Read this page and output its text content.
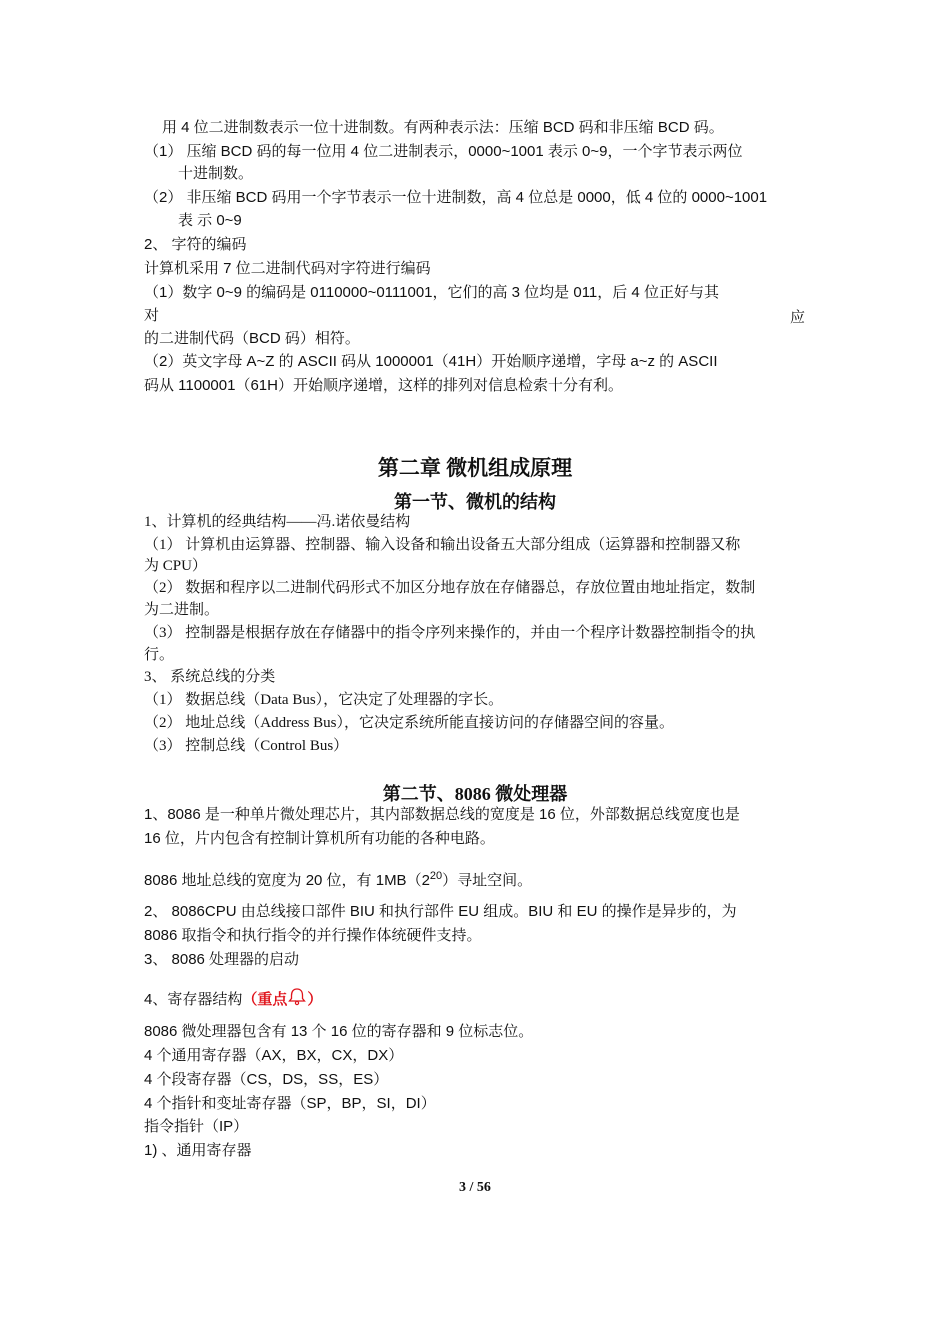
用 4 位二进制数表示一位十进制数。有两种表示法：压缩 BCD 码和非压缩 BCD 码。
（1） 压缩 BCD 码的每一位用 4 位二进制表示，0000~1001 表示 0~9，一个字节表示两位
十进制数。
（2） 非压缩 BCD 码用一个字节表示一位十进制数，高 4 位总是 0000，低 4 位的 0000~1001
表 示 0~9
2、 字符的编码
计算机采用 7 位二进制代码对字符进行编码
（1）数字 0~9 的编码是 0110000~0111001，它们的高 3 位均是 011，后 4 位正好与其
对	应
的二进制代码（BCD 码）相符。
（2）英文字母 A~Z 的 ASCII 码从 1000001（41H）开始顺序递增，字母 a~z 的 ASCII
码从 1100001（61H）开始顺序递增，这样的排列对信息检索十分有利。
第二章 微机组成原理
第一节、微机的结构
1、计算机的经典结构——冯.诺依曼结构
（1） 计算机由运算器、控制器、输入设备和输出设备五大部分组成（运算器和控制器又称
为 CPU）
（2） 数据和程序以二进制代码形式不加区分地存放在存储器总，存放位置由地址指定，数制
为二进制。
（3） 控制器是根据存放在存储器中的指令序列来操作的，并由一个程序计数器控制指令的执
行。
3、 系统总线的分类
（1） 数据总线（Data Bus），它决定了处理器的字长。
（2） 地址总线（Address Bus），它决定系统所能直接访问的存储器空间的容量。
（3） 控制总线（Control Bus）
第二节、8086 微处理器
1、8086 是一种单片微处理芯片，其内部数据总线的宽度是 16 位，外部数据总线宽度也是
16 位，片内包含有控制计算机所有功能的各种电路。
8086 地址总线的宽度为 20 位，有 $1MB(2^{20})$寻址空间。
2、 8086CPU 由总线接口部件 BIU 和执行部件 EU 组成。BIU 和 EU 的操作是异步的，为
8086 取指令和执行指令的并行操作体统硬件支持。
3、 8086 处理器的启动
4、寄存器结构（重点 ）
8086 微处理器包含有 13 个 16 位的寄存器和 9 位标志位。
4 个通用寄存器（AX，BX，CX，DX）
4 个段寄存器（CS，DS，SS，ES）
4 个指针和变址寄存器（SP，BP，SI，DI）
指令指针（IP）
1) 、通用寄存器
3 / 56
